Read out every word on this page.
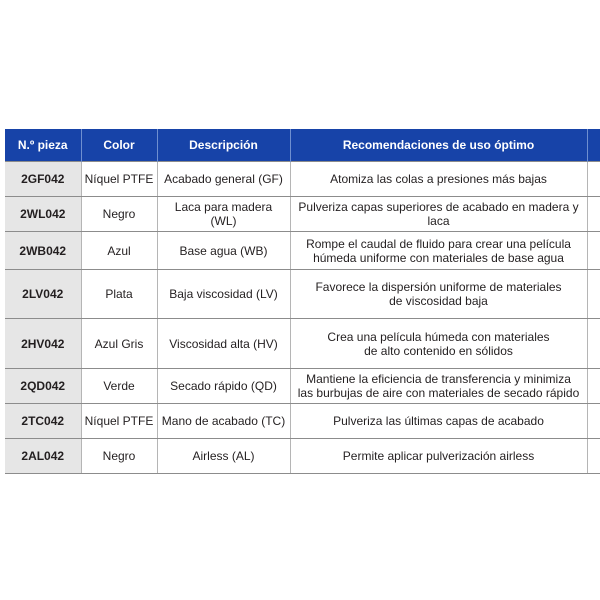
N.º pieza	Color	Descripción	Recomendaciones de uso óptimo	
2GF042	Níquel PTFE	Acabado general (GF)	Atomiza las colas a presiones más bajas	

2WL042	Negro	Laca para madera (WL)	Pulveriza capas superiores de acabado en madera y laca	

2WB042	Azul	Base agua (WB)	Rompe el caudal de fluido para crear una película
húmeda uniforme con materiales de base agua	

2LV042	Plata	Baja viscosidad (LV)	Favorece la dispersión uniforme de materiales
de viscosidad baja	

2HV042	Azul Gris	Viscosidad alta (HV)	Crea una película húmeda con materiales
de alto contenido en sólidos	

2QD042	Verde	Secado rápido (QD)	Mantiene la eficiencia de transferencia y minimiza
las burbujas de aire con materiales de secado rápido	

2TC042	Níquel PTFE	Mano de acabado (TC)	Pulveriza las últimas capas de acabado	

2AL042	Negro	Airless (AL)	Permite aplicar pulverización airless	
